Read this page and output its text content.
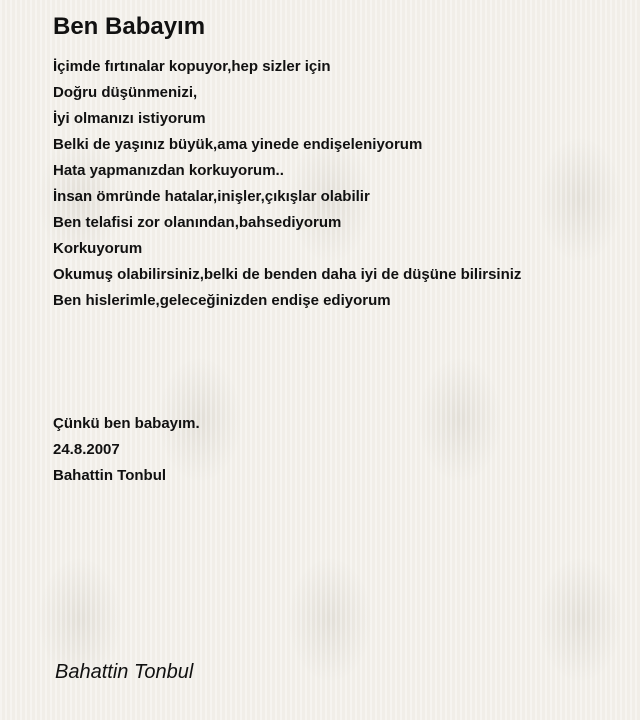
Ben Babayım
İçimde fırtınalar kopuyor,hep sizler için
Doğru düşünmenizi,
İyi olmanızı istiyorum
Belki de yaşınız büyük,ama yinede endişeleniyorum
Hata yapmanızdan korkuyorum..
İnsan ömründe hatalar,inişler,çıkışlar olabilir
Ben telafisi zor olanından,bahsediyorum
Korkuyorum
Okumuş olabilirsiniz,belki de benden daha iyi de düşüne bilirsiniz
Ben hislerimle,geleceğinizden endişe ediyorum
Çünkü ben babayım.
24.8.2007
Bahattin Tonbul
Bahattin Tonbul
